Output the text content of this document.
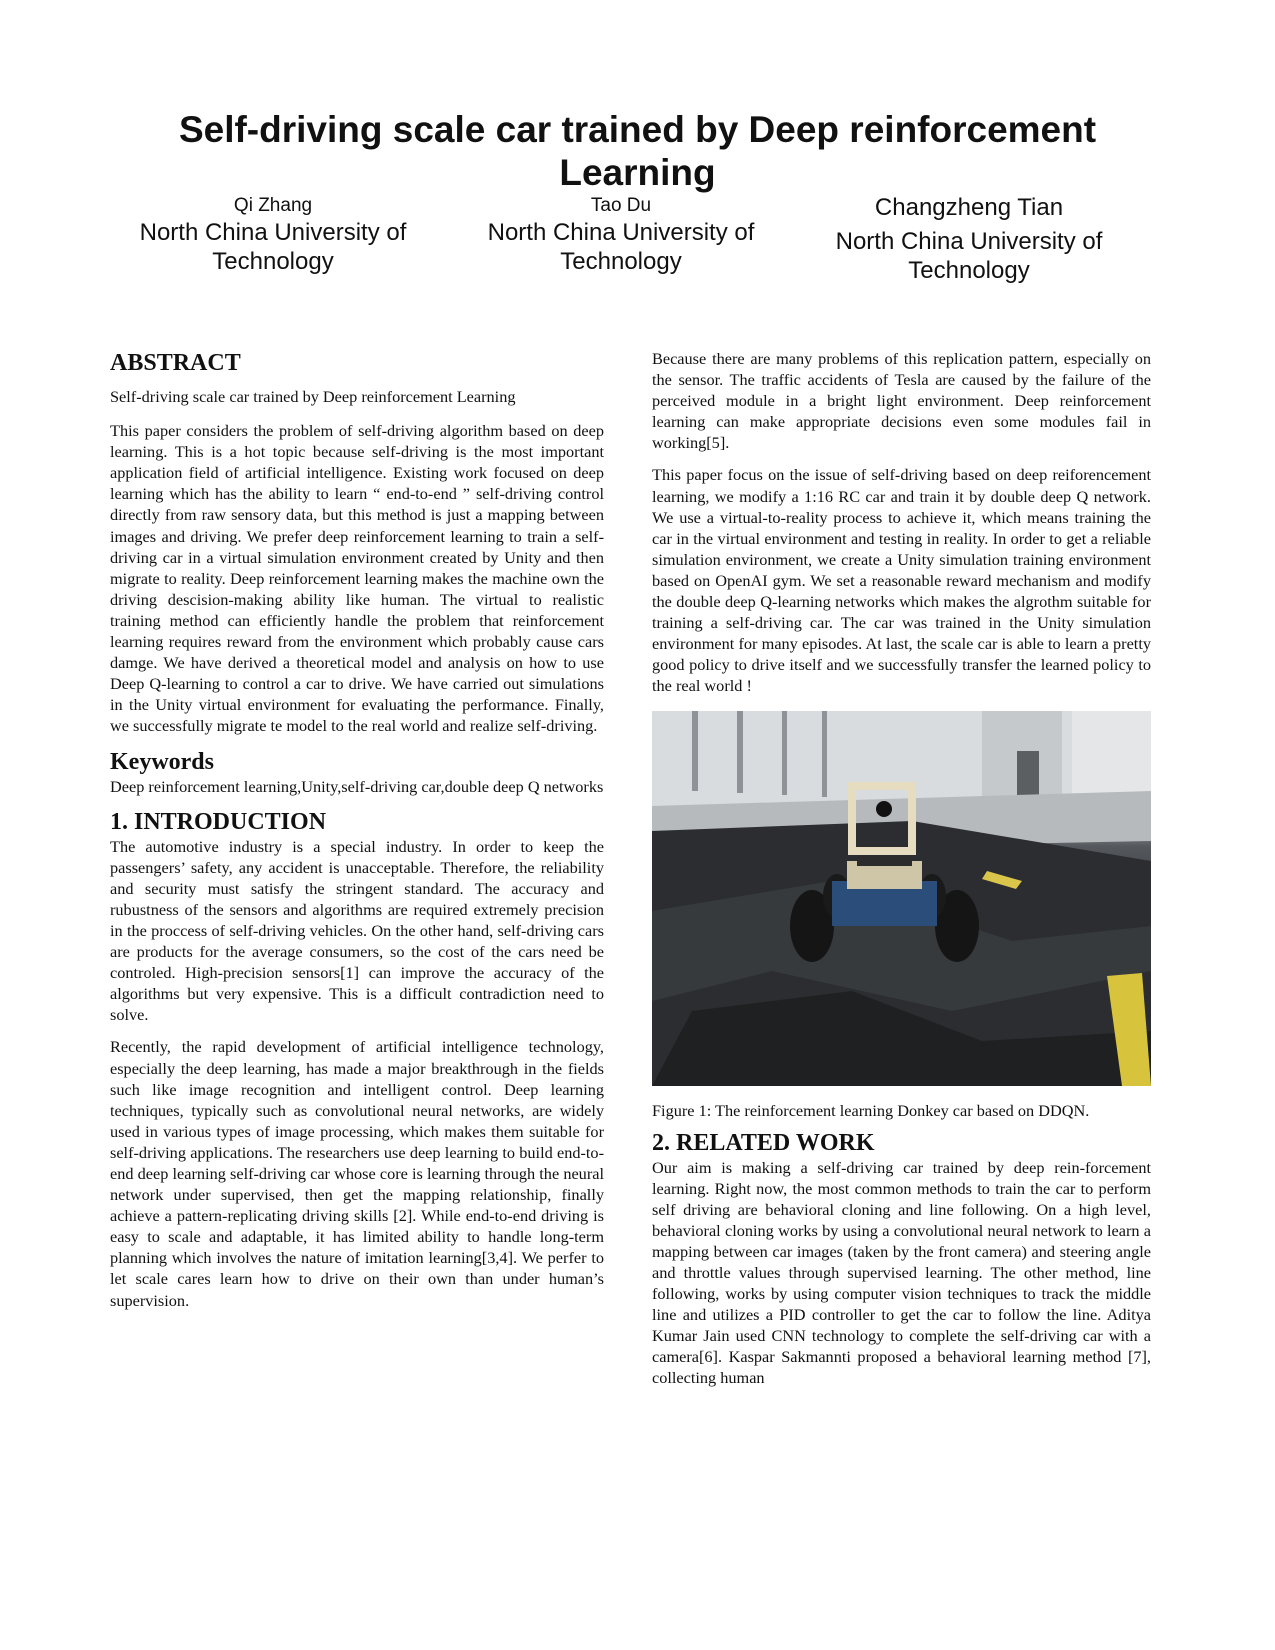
Self-driving scale car trained by Deep reinforcement Learning
Qi Zhang
North China University of Technology
Tao Du
North China University of Technology
Changzheng Tian
North China University of Technology
ABSTRACT

Self-driving scale car trained by Deep reinforcement Learning

This paper considers the problem of self-driving algorithm based on deep learning. This is a hot topic because self-driving is the most important application field of artificial intelligence. Existing work focused on deep learning which has the ability to learn “ end-to-end ” self-driving control directly from raw sensory data, but this method is just a mapping between images and driving. We prefer deep reinforcement learning to train a self-driving car in a virtual simulation environment created by Unity and then migrate to reality. Deep reinforcement learning makes the machine own the driving descision-making ability like human. The virtual to realistic training method can efficiently handle the problem that reinforcement learning requires reward from the environment which probably cause cars damge. We have derived a theoretical model and analysis on how to use Deep Q-learning to control a car to drive. We have carried out simulations in the Unity virtual environment for evaluating the performance. Finally, we successfully migrate te model to the real world and realize self-driving.

Keywords

Deep reinforcement learning,Unity,self-driving car,double deep Q networks

1. INTRODUCTION

The automotive industry is a special industry. In order to keep the passengers’ safety, any accident is unacceptable. Therefore, the reliability and security must satisfy the stringent standard. The accuracy and rubustness of the sensors and algorithms are required extremely precision in the proccess of self-driving vehicles. On the other hand, self-driving cars are products for the average consumers, so the cost of the cars need be controled. High-precision sensors[1] can improve the accuracy of the algorithms but very expensive. This is a difficult contradiction need to solve.

Recently, the rapid development of artificial intelligence technology, especially the deep learning, has made a major breakthrough in the fields such like image recognition and intelligent control. Deep learning techniques, typically such as convolutional neural networks, are widely used in various types of image processing, which makes them suitable for self-driving applications. The researchers use deep learning to build end-to-end deep learning self-driving car whose core is learning through the neural network under supervised, then get the mapping relationship, finally achieve a pattern-replicating driving skills [2]. While end-to-end driving is easy to scale and adaptable, it has limited ability to handle long-term planning which involves the nature of imitation learning[3,4]. We perfer to let scale cares learn how to drive on their own than under human’s supervision.

Because there are many problems of this replication pattern, especially on the sensor. The traffic accidents of Tesla are caused by the failure of the perceived module in a bright light environment. Deep reinforcement learning can make appropriate decisions even some modules fail in working[5].

This paper focus on the issue of self-driving based on deep reiforencement learning, we modify a 1:16 RC car and train it by double deep Q network. We use a virtual-to-reality process to achieve it, which means training the car in the virtual environment and testing in reality. In order to get a reliable simulation environment, we create a Unity simulation training environment based on OpenAI gym. We set a reasonable reward mechanism and modify the double deep Q-learning networks which makes the algrothm suitable for training a self-driving car. The car was trained in the Unity simulation environment for many episodes. At last, the scale car is able to learn a pretty good policy to drive itself and we successfully transfer the learned policy to the real world !

Figure 1: The reinforcement learning Donkey car based on DDQN.
2. RELATED WORK

Our aim is making a self-driving car trained by deep rein-forcement learning. Right now, the most common methods to train the car to perform self driving are behavioral cloning and line following. On a high level, behavioral cloning works by using a convolutional neural network to learn a mapping between car images (taken by the front camera) and steering angle and throttle values through supervised learning. The other method, line following, works by using computer vision techniques to track the middle line and utilizes a PID controller to get the car to follow the line. Aditya Kumar Jain used CNN technology to complete the self-driving car with a camera[6]. Kaspar Sakmannti proposed a behavioral learning method [7], collecting human
